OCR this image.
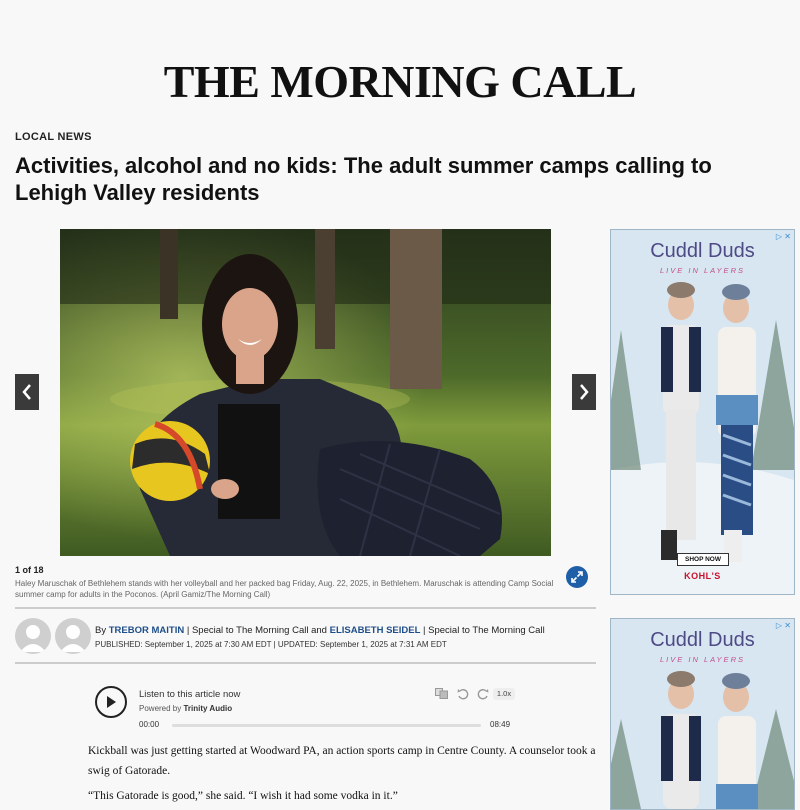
THE MORNING CALL
LOCAL NEWS
Activities, alcohol and no kids: The adult summer camps calling to Lehigh Valley residents
1 of 18
Haley Maruschak of Bethlehem stands with her volleyball and her packed bag Friday, Aug. 22, 2025, in Bethlehem. Maruschak is attending Camp Social summer camp for adults in the Poconos. (April Gamiz/The Morning Call)
By TREBOR MAITIN | Special to The Morning Call and ELISABETH SEIDEL | Special to The Morning Call
PUBLISHED: September 1, 2025 at 7:30 AM EDT | UPDATED: September 1, 2025 at 7:31 AM EDT
Listen to this article now
Powered by Trinity Audio
00:00	08:49
1.0x
Kickball was just getting started at Woodward PA, an action sports camp in Centre County. A counselor took a swig of Gatorade.
“This Gatorade is good,” she said. “I wish it had some vodka in it.”
Cuddl Duds
LIVE IN LAYERS
▷ ✕
SHOP NOW
KOHL'S
Cuddl Duds
LIVE IN LAYERS
▷ ✕
